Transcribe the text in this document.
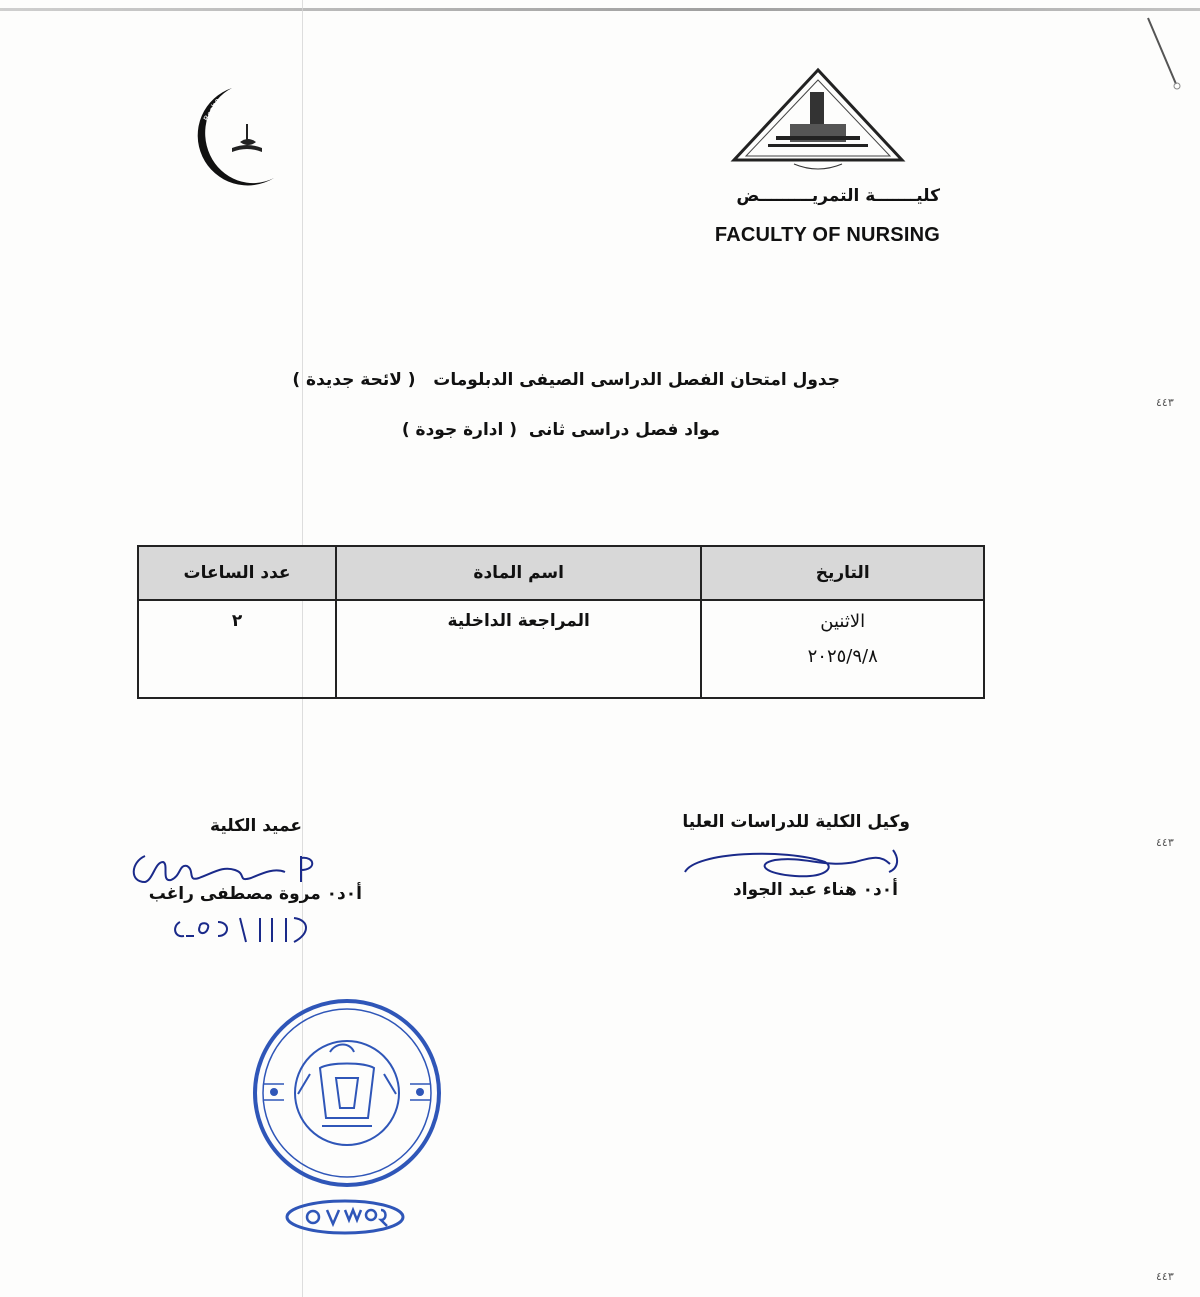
Benha
كليـــــــة التمريـــــــــض
FACULTY OF NURSING
جدول امتحان الفصل الدراسى الصيفى الدبلومات   ( لائحة جديدة )
مواد فصل دراسى ثانى  ( ادارة جودة )
التاريخ	اسم المادة	عدد الساعات

الاثنين
٢٠٢٥/٩/٨	المراجعة الداخلية	٢
وكيل الكلية للدراسات العليا
أ٠د٠ هناء عبد الجواد
عميد الكلية
أ٠د٠ مروة مصطفى راغب
٤٤٣
٤٤٣
٤٤٣
